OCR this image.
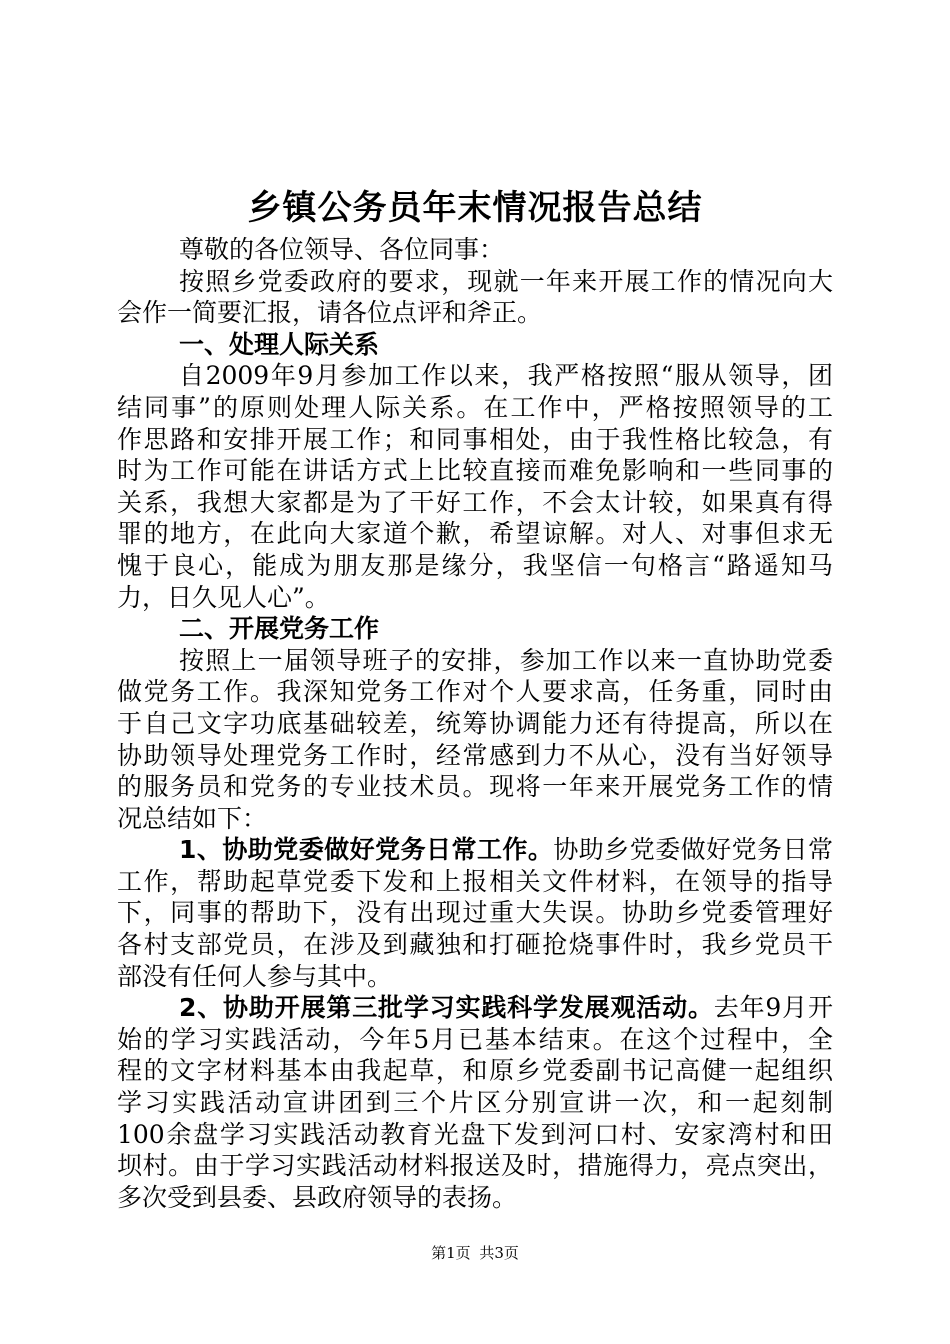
乡镇公务员年末情况报告总结
尊敬的各位领导、各位同事：
按照乡党委政府的要求，现就一年来开展工作的情况向大
会作一简要汇报，请各位点评和斧正。
一、处理人际关系
自2009年9月参加工作以来，我严格按照“服从领导，团
结同事”的原则处理人际关系。在工作中，严格按照领导的工
作思路和安排开展工作；和同事相处，由于我性格比较急，有
时为工作可能在讲话方式上比较直接而难免影响和一些同事的
关系，我想大家都是为了干好工作，不会太计较，如果真有得
罪的地方，在此向大家道个歉，希望谅解。对人、对事但求无
愧于良心，能成为朋友那是缘分，我坚信一句格言“路遥知马
力，日久见人心”。
二、开展党务工作
按照上一届领导班子的安排，参加工作以来一直协助党委
做党务工作。我深知党务工作对个人要求高，任务重，同时由
于自己文字功底基础较差，统筹协调能力还有待提高，所以在
协助领导处理党务工作时，经常感到力不从心，没有当好领导
的服务员和党务的专业技术员。现将一年来开展党务工作的情
况总结如下：
1、协助党委做好党务日常工作。协助乡党委做好党务日常
工作，帮助起草党委下发和上报相关文件材料，在领导的指导
下，同事的帮助下，没有出现过重大失误。协助乡党委管理好
各村支部党员，在涉及到藏独和打砸抢烧事件时，我乡党员干
部没有任何人参与其中。
2、协助开展第三批学习实践科学发展观活动。去年9月开
始的学习实践活动，今年5月已基本结束。在这个过程中，全
程的文字材料基本由我起草，和原乡党委副书记高健一起组织
学习实践活动宣讲团到三个片区分别宣讲一次，和一起刻制
100余盘学习实践活动教育光盘下发到河口村、安家湾村和田
坝村。由于学习实践活动材料报送及时，措施得力，亮点突出，
多次受到县委、县政府领导的表扬。
第1页 共3页
